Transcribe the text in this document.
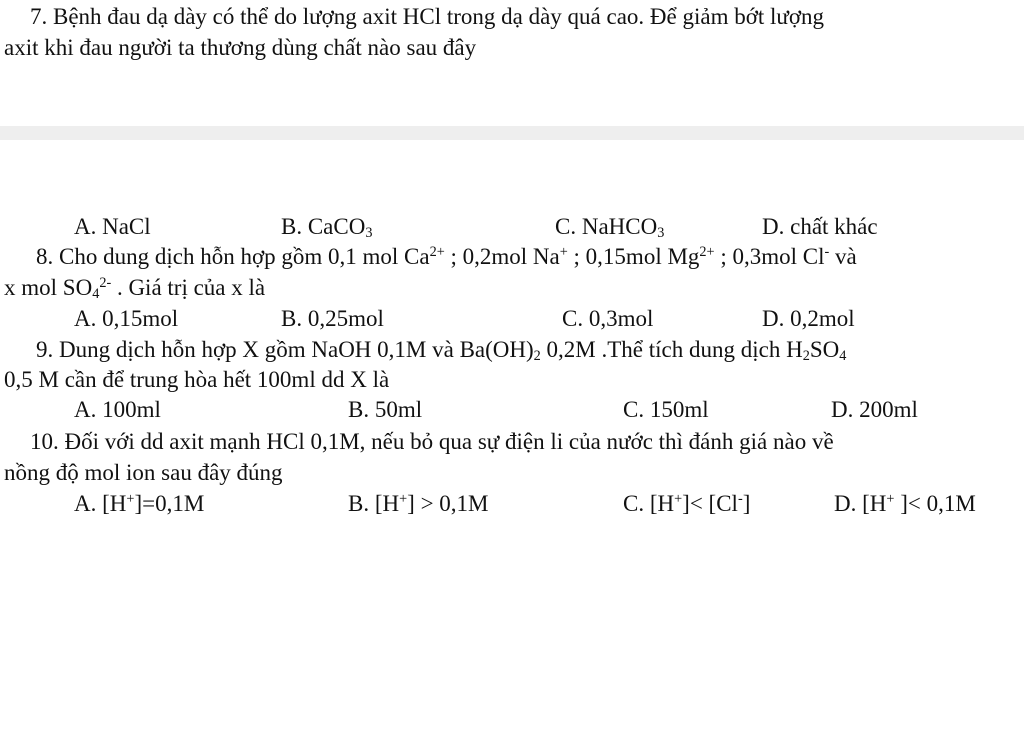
7. Bệnh đau dạ dày có thể do lượng axit HCl trong dạ dày quá cao. Để giảm bớt lượng
axit khi đau người ta thương dùng chất nào sau đây
A. NaCl	B. CaCO$_3$	C. NaHCO$_3$	D. chất khác
8. Cho dung dịch hỗn hợp gồm 0,1 mol $Ca^{2+}$ ; 0,2mol Na+ ; 0,15mol $Mg^{2+}$ ; 0,3mol Cl- và
x mol $SO_4^{2-}$ . Giá trị của x là
A. 0,15mol	B. 0,25mol	C. 0,3mol	D. 0,2mol
9. Dung dịch hỗn hợp X gồm NaOH 0,1M và $Ba(OH)_2$ 0,2M .Thể tích dung dịch $H_2SO_4$
0,5 M cần để trung hòa hết 100ml dd X là
A. 100ml	B. 50ml	C. 150ml	D. 200ml
10. Đối với dd axit mạnh HCl 0,1M, nếu bỏ qua sự điện li của nước thì đánh giá nào về
nồng độ mol ion sau đây đúng
A. [H+]=0,1M	B. [H+] > 0,1M	C. [H+]< [Cl-]	D. [H+ ]< 0,1M
